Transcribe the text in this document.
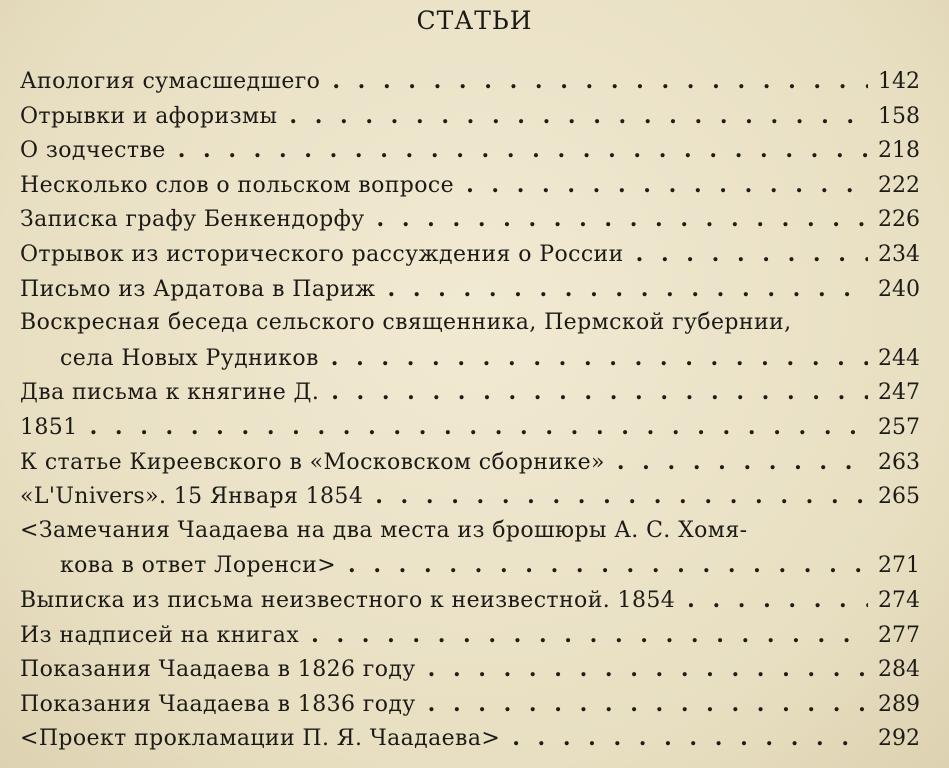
СТАТЬИ
Апология сумасшедшего . . .	142
Отрывки и афоризмы . . .	158
О зодчестве . . .	218
Несколько слов о польском вопросе . . .	222
Записка графу Бенкендорфу . . .	226
Отрывок из исторического рассуждения о России . . .	234
Письмо из Ардатова в Париж . . .	240
Воскресная беседа сельского священника, Пермской губернии,
села Новых Рудников . . .	244
Два письма к княгине Д. . . .	247
1851 . . .	257
К статье Киреевского в «Московском сборнике» . . .	263
«L'Univers». 15 Января 1854 . . .	265
<Замечания Чаадаева на два места из брошюры А. С. Хомя-
кова в ответ Лоренси> . . .	271
Выписка из письма неизвестного к неизвестной. 1854 . . .	274
Из надписей на книгах . . .	277
Показания Чаадаева в 1826 году . . .	284
Показания Чаадаева в 1836 году . . .	289
<Проект прокламации П. Я. Чаадаева> . . .	292
